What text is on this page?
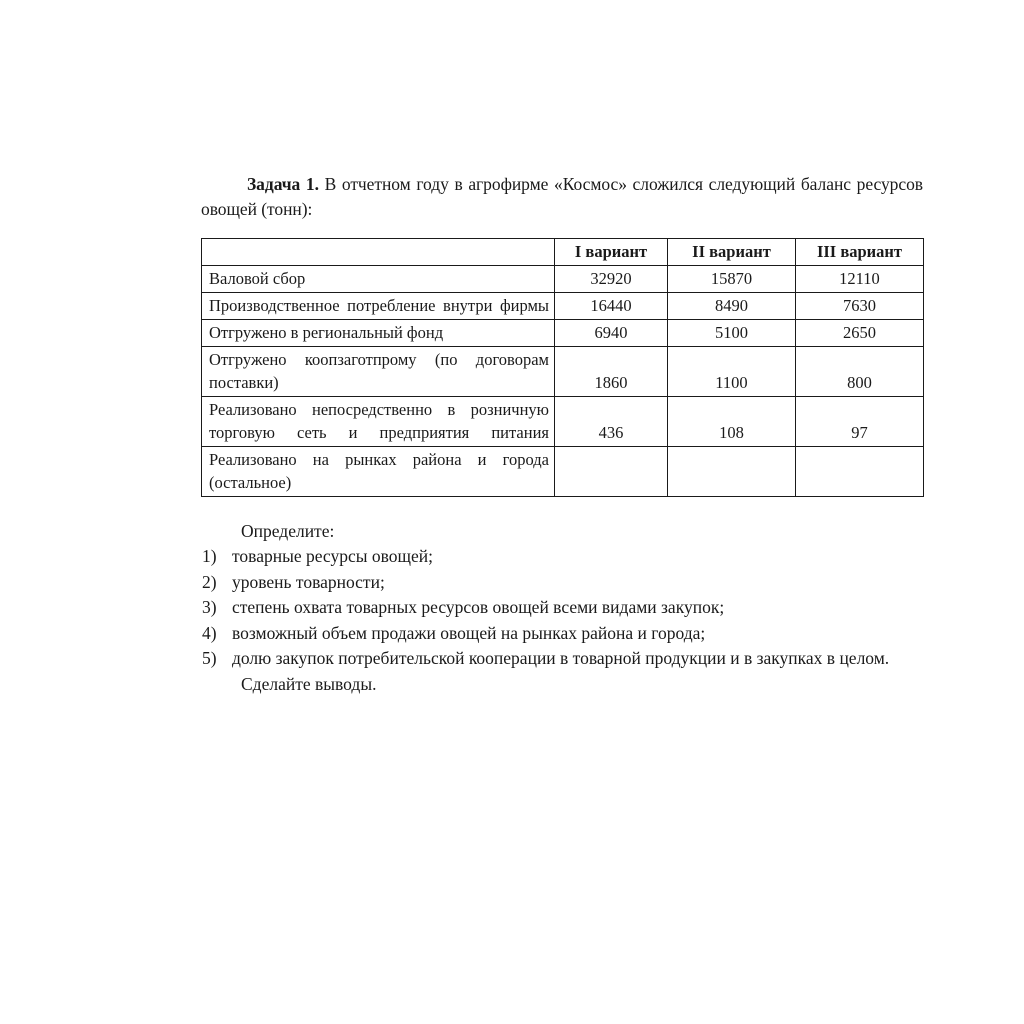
Задача 1. В отчетном году в агрофирме «Космос» сложился следующий баланс ресурсов овощей (тонн):

	I вариант	II вариант	III вариант
Валовой сбор	32920	15870	12110
Производственное потребление внутри фирмы	16440	8490	7630
Отгружено в региональный фонд	6940	5100	2650
Отгружено коопзаготпрому (по договорам поставки)	1860	1100	800
Реализовано непосредственно в розничную торговую сеть и предприятия питания	436	108	97
Реализовано на рынках района и города (остальное)			

Определите:

1) товарные ресурсы овощей;
2) уровень товарности;
3) степень охвата товарных ресурсов овощей всеми видами закупок;
4) возможный объем продажи овощей на рынках района и города;
5) долю закупок потребительской кооперации в товарной продукции и в закупках в целом.

Сделайте выводы.
